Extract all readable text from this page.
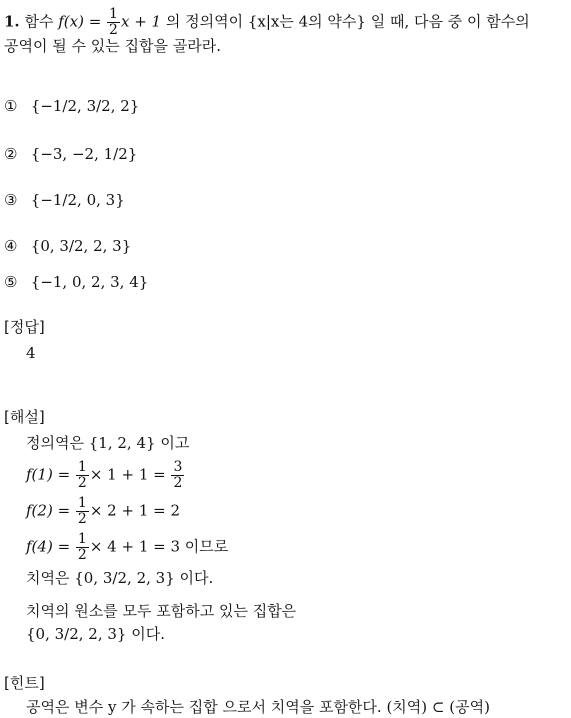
1. 함수 $f(x) = \frac{1}{2}$ x + 1 의 정의역이 {x|x는 4의 약수} 일 때, 다음 중 이 함수의
공역이 될 수 있는 집합을 골라라.
① {−1/2, 3/2, 2}
② {−3, −2, 1/2}
③ {−1/2, 0, 3}
④ {0, 3/2, 2, 3}
⑤ {−1, 0, 2, 3, 4}
[정답]
4
[해설]
정의역은 {1, 2, 4} 이고
$f(1) = \frac{1}{2} \times 1 + 1 = \frac{3}{2}$
$f(2) = \frac{1}{2} \times 2 + 1 = 2$
$f(4) = \frac{1}{2} \times 4 + 1 = 3$ 이므로
치역은 {0, 3/2, 2, 3} 이다.
치역의 원소를 모두 포함하고 있는 집합은
{0, 3/2, 2, 3} 이다.
[힌트]
공역은 변수 y 가 속하는 집합 으로서 치역을 포함한다. (치역) ⊂ (공역)
